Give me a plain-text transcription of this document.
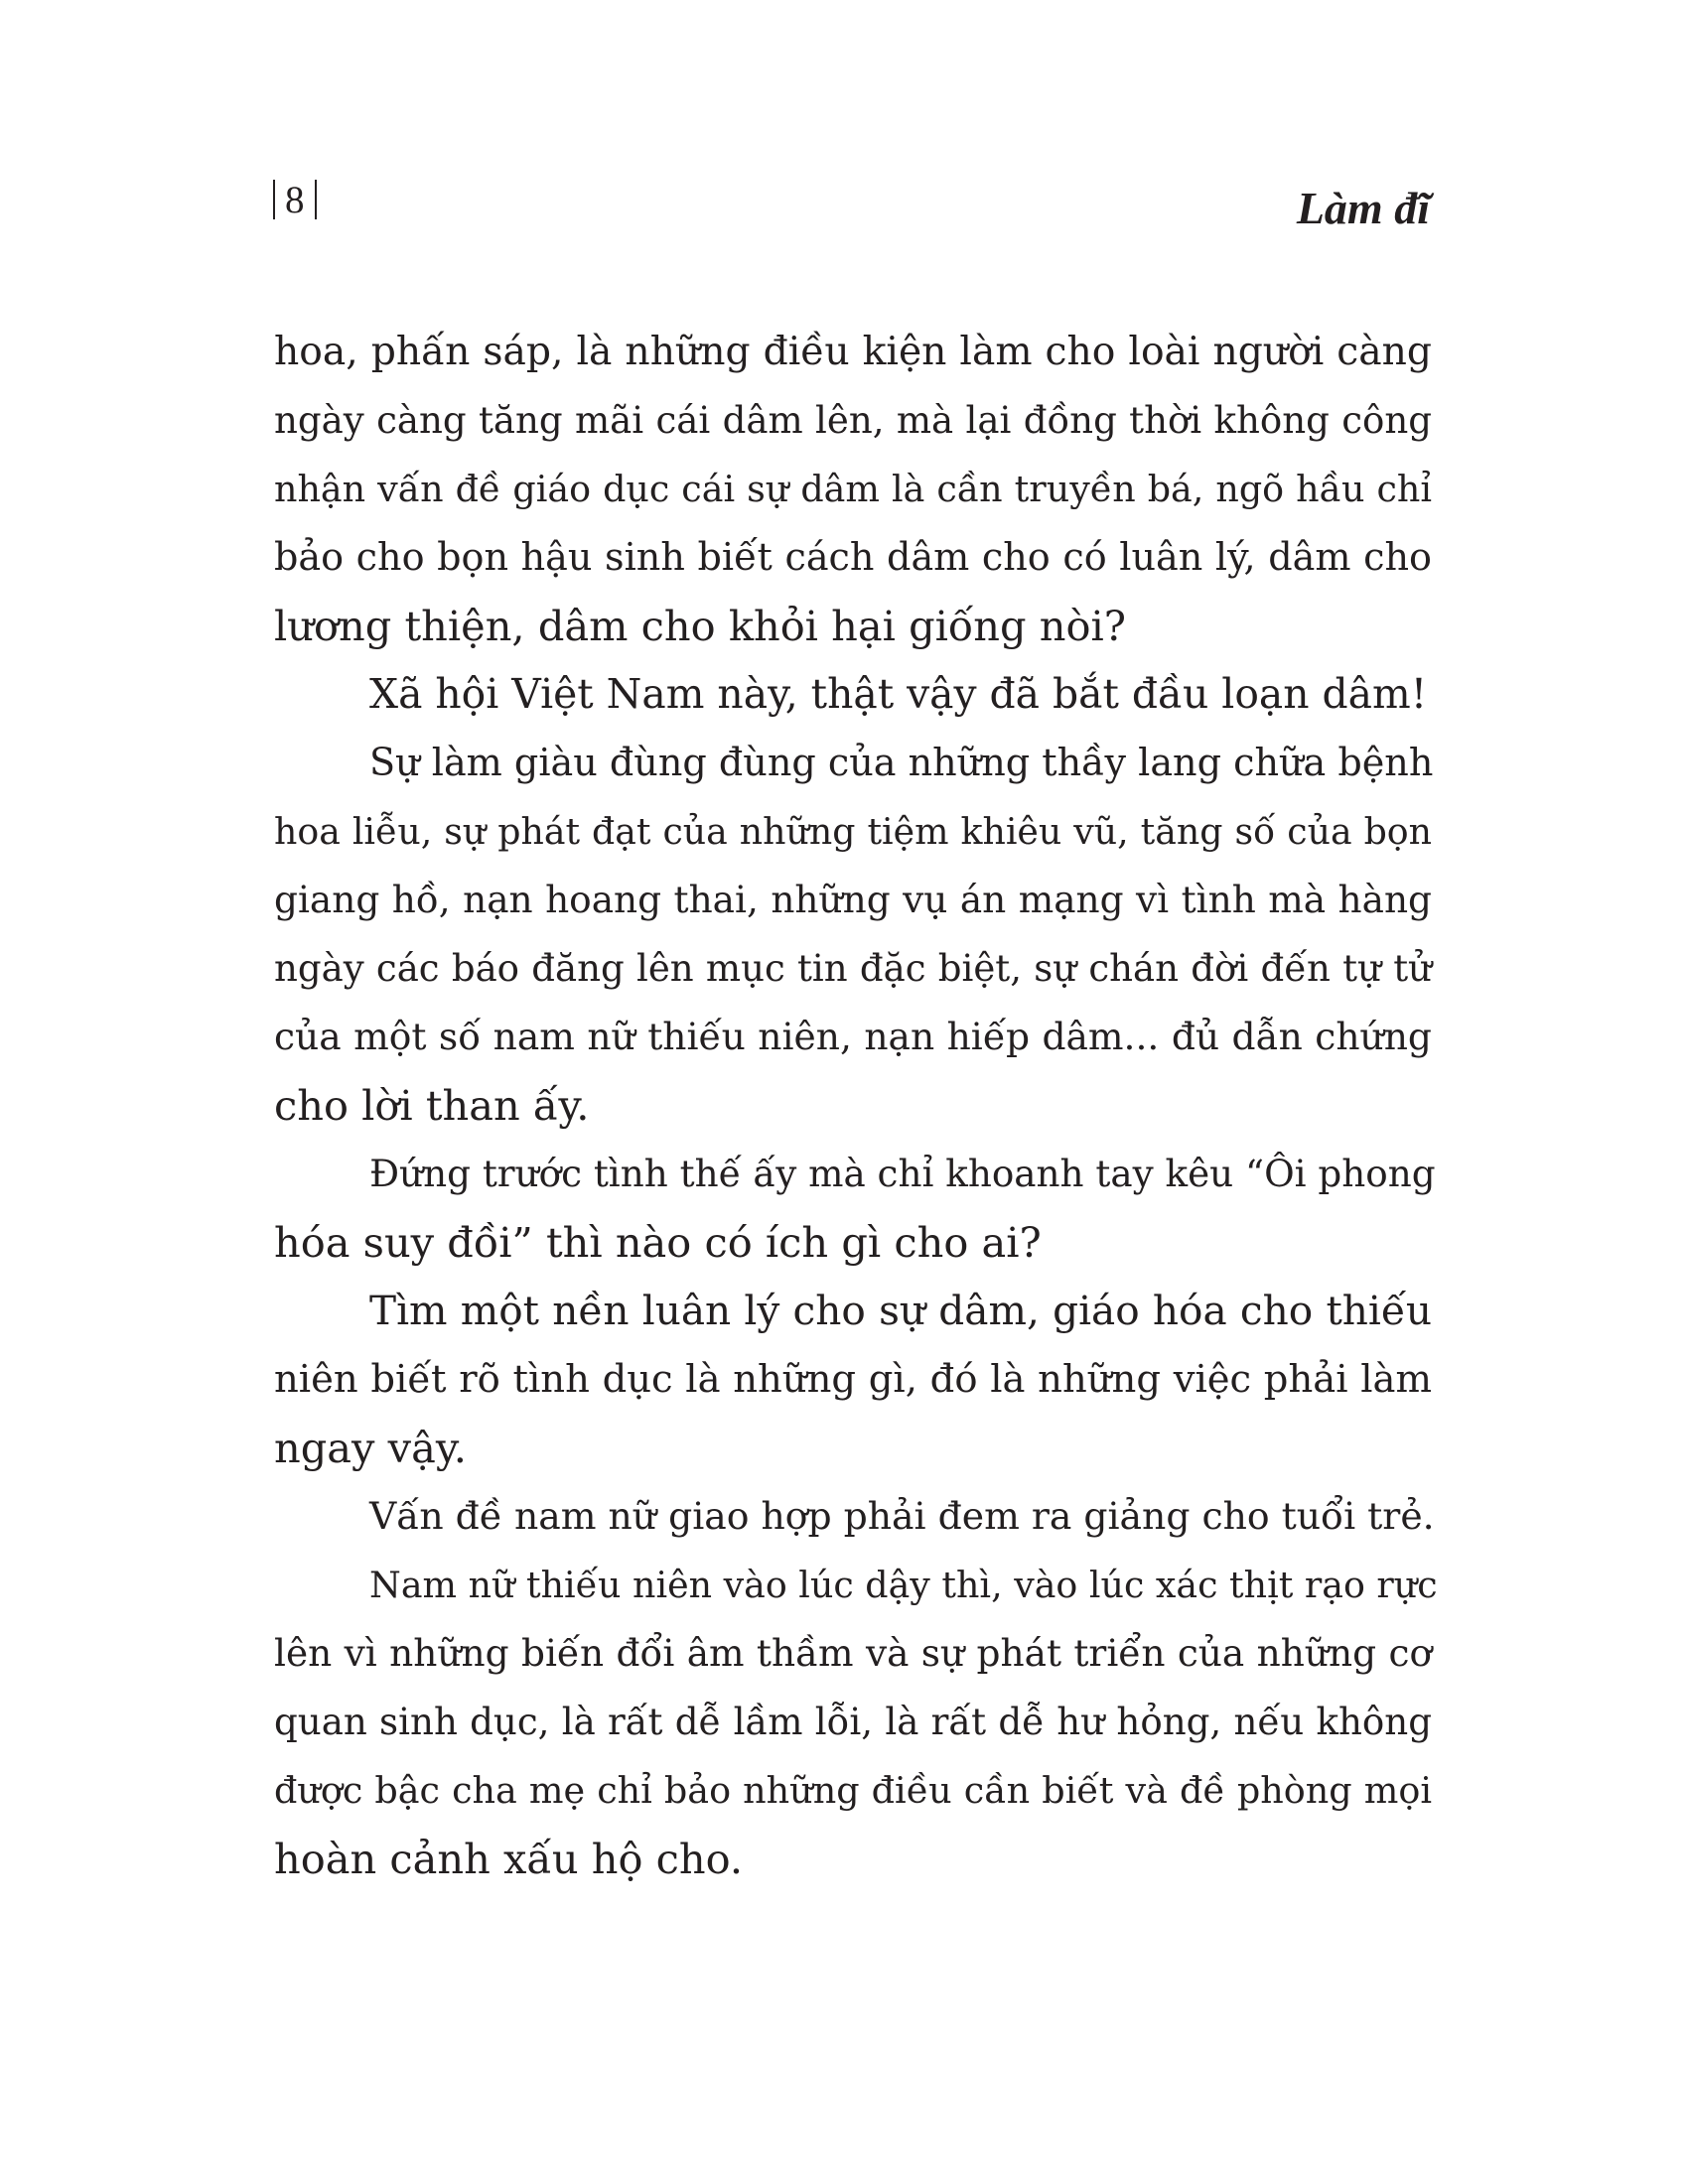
8	Làm đĩ

hoa, phấn sáp, là những điều kiện làm cho loài người càng
ngày càng tăng mãi cái dâm lên, mà lại đồng thời không công
nhận vấn đề giáo dục cái sự dâm là cần truyền bá, ngõ hầu chỉ
bảo cho bọn hậu sinh biết cách dâm cho có luân lý, dâm cho
lương thiện, dâm cho khỏi hại giống nòi?

Xã hội Việt Nam này, thật vậy đã bắt đầu loạn dâm!

Sự làm giàu đùng đùng của những thầy lang chữa bệnh
hoa liễu, sự phát đạt của những tiệm khiêu vũ, tăng số của bọn
giang hồ, nạn hoang thai, những vụ án mạng vì tình mà hàng
ngày các báo đăng lên mục tin đặc biệt, sự chán đời đến tự tử
của một số nam nữ thiếu niên, nạn hiếp dâm... đủ dẫn chứng
cho lời than ấy.

Đứng trước tình thế ấy mà chỉ khoanh tay kêu “Ôi phong
hóa suy đồi” thì nào có ích gì cho ai?

Tìm một nền luân lý cho sự dâm, giáo hóa cho thiếu
niên biết rõ tình dục là những gì, đó là những việc phải làm
ngay vậy.

Vấn đề nam nữ giao hợp phải đem ra giảng cho tuổi trẻ.

Nam nữ thiếu niên vào lúc dậy thì, vào lúc xác thịt rạo rực
lên vì những biến đổi âm thầm và sự phát triển của những cơ
quan sinh dục, là rất dễ lầm lỗi, là rất dễ hư hỏng, nếu không
được bậc cha mẹ chỉ bảo những điều cần biết và đề phòng mọi
hoàn cảnh xấu hộ cho.
